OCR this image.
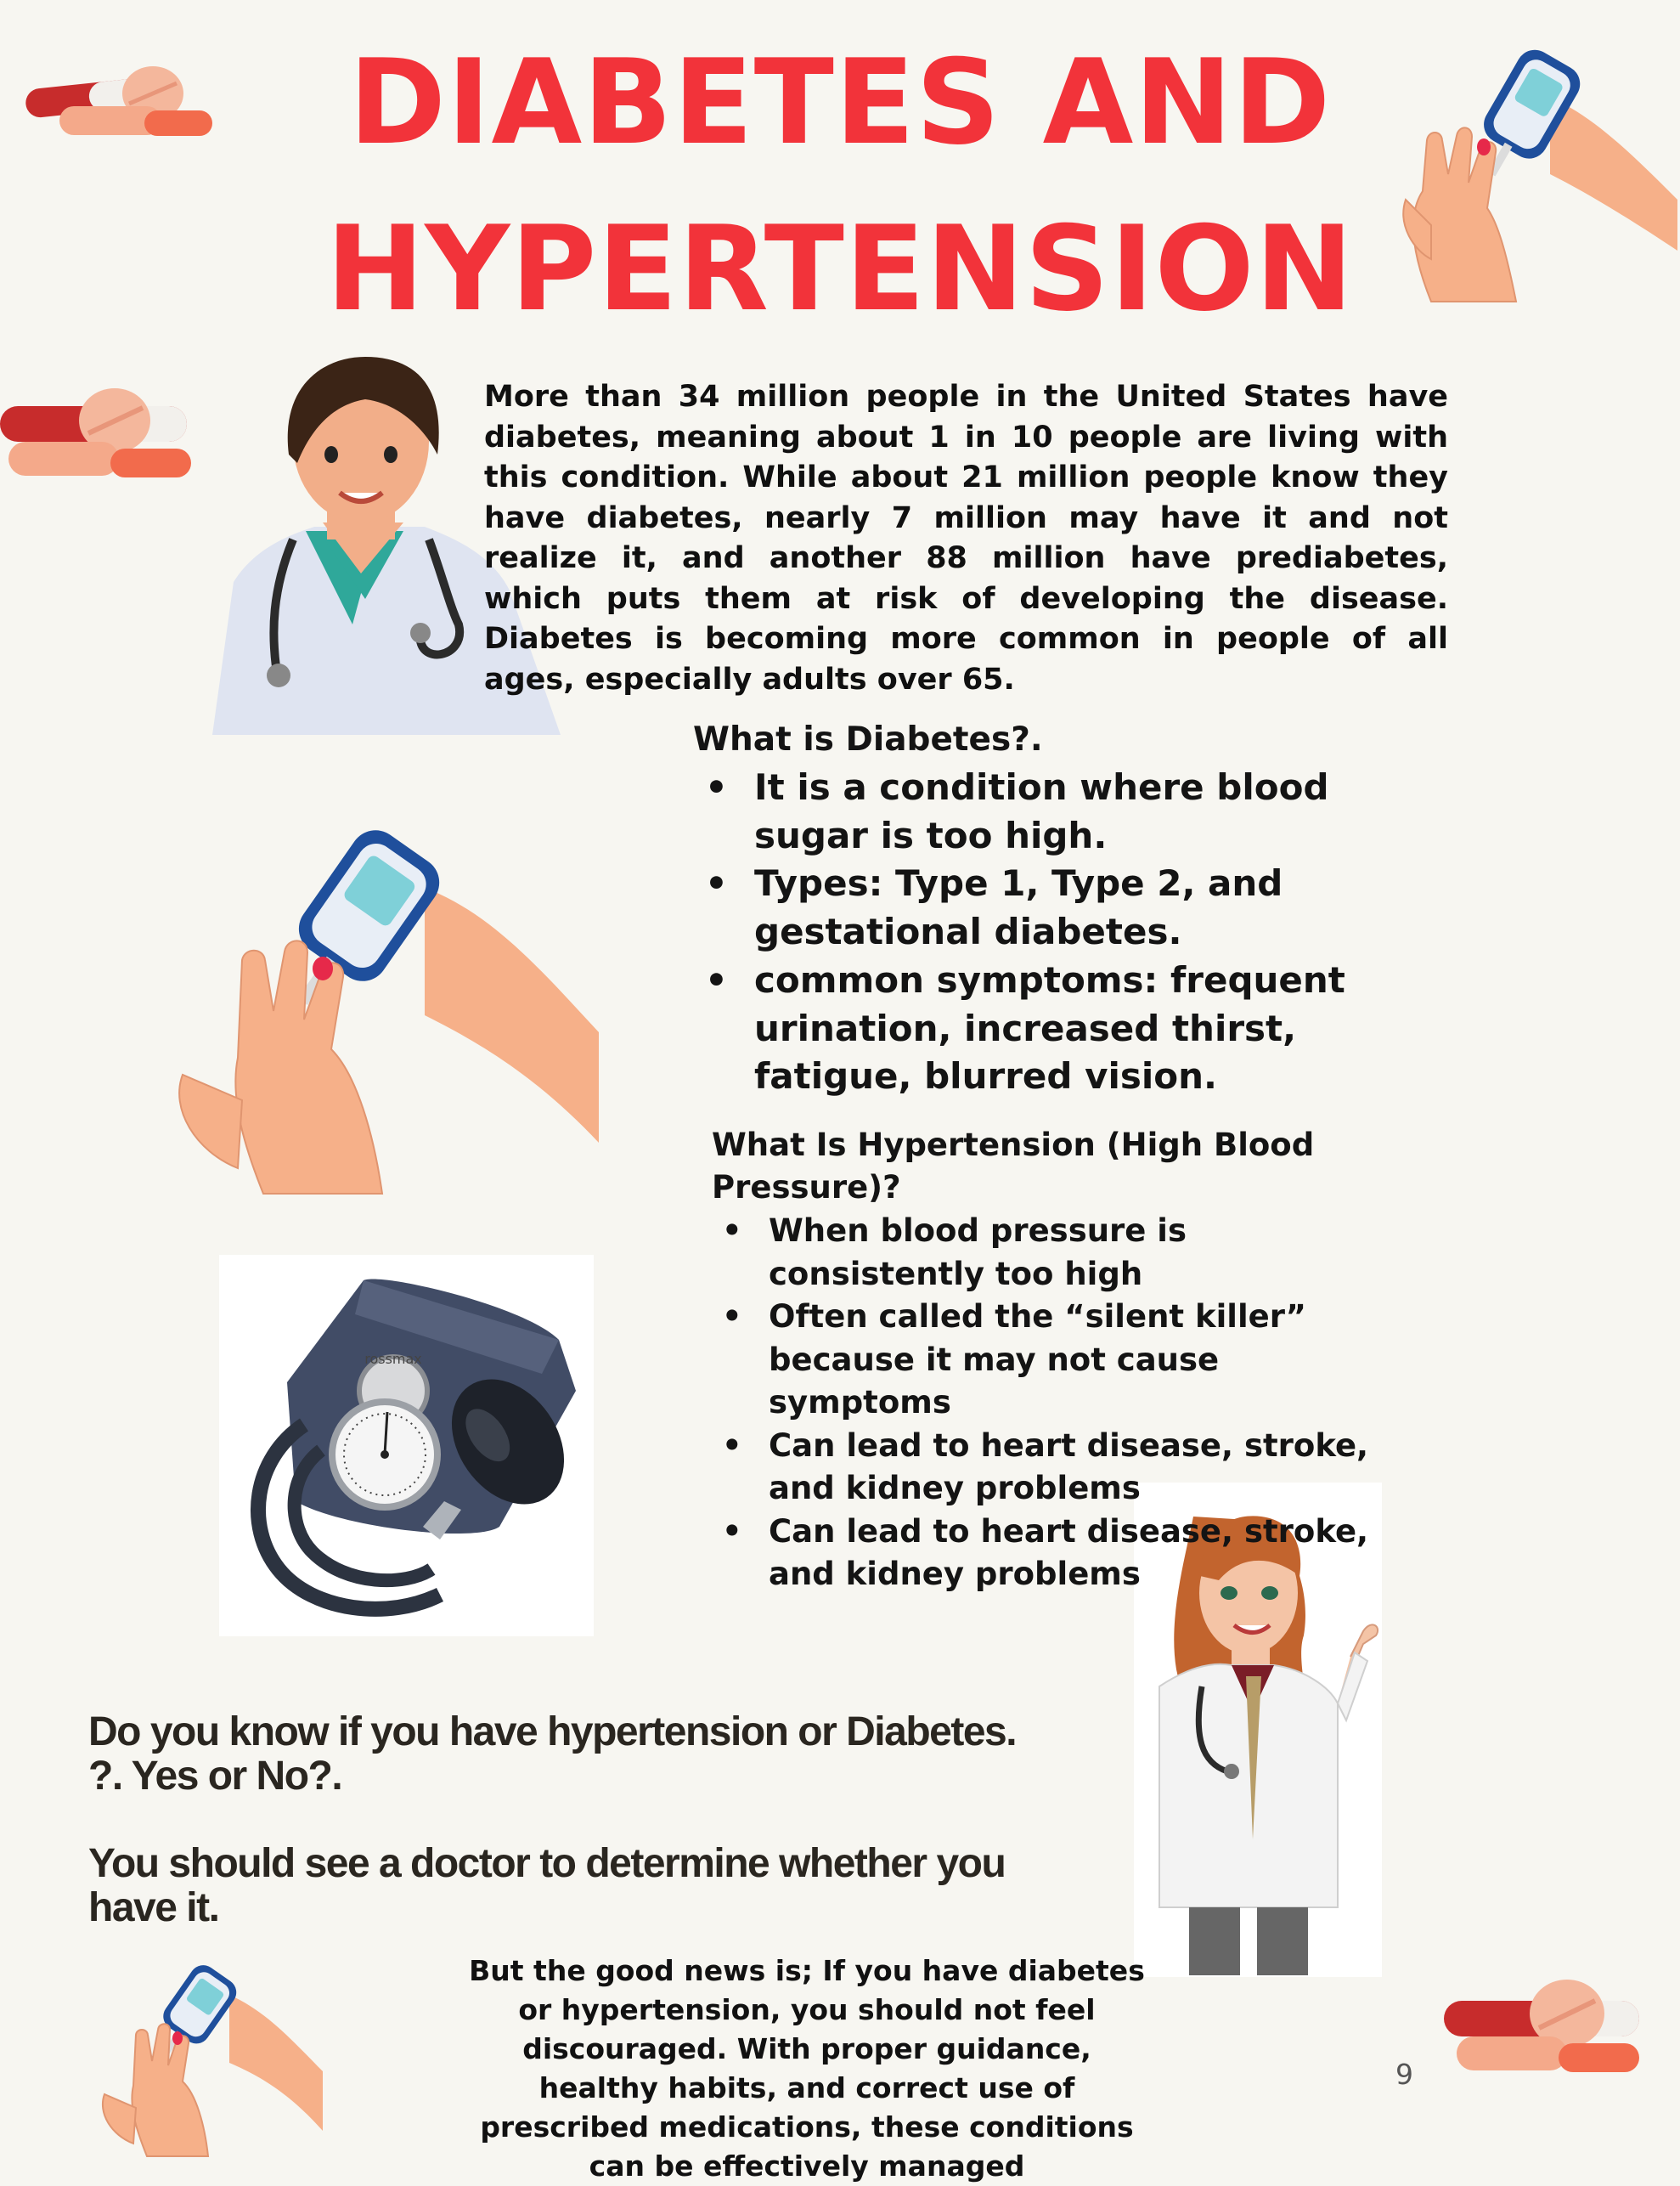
DIABETES AND
HYPERTENSION
rossmax
More than 34 million people in the United States have diabetes, meaning about 1 in 10 people are living with this condition. While about 21 million people know they have diabetes, nearly 7 million may have it and not realize it, and another 88 million have prediabetes, which puts them at risk of developing the disease. Diabetes is becoming more common in people of all ages, especially adults over 65.
What is Diabetes?.
• It is a condition where blood sugar is too high.
• Types: Type 1, Type 2, and gestational diabetes.
• common symptoms: frequent urination, increased thirst, fatigue, blurred vision.
What Is Hypertension (High Blood Pressure)?
• When blood pressure is consistently too high
• Often called the “silent killer” because it may not cause symptoms
• Can lead to heart disease, stroke, and kidney problems
• Can lead to heart disease, stroke, and kidney problems
Do you know if you have hypertension or Diabetes. ?. Yes or No?.
You should see a doctor to determine whether you have it.
But the good news is; If you have diabetes or hypertension, you should not feel discouraged. With proper guidance, healthy habits, and correct use of prescribed medications, these conditions can be effectively managed
9
